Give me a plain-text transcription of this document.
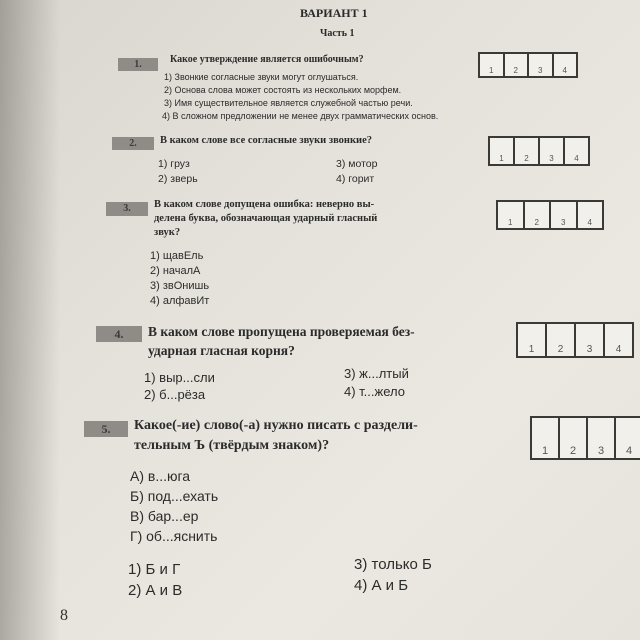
ВАРИАНТ 1
Часть 1
1.	Какое утверждение является ошибочным?
1) Звонкие согласные звуки могут оглушаться.
2) Основа слова может состоять из нескольких морфем.
3) Имя существительное является служебной частью речи.
4) В сложном предложении не менее двух грамматических основ.
1	2	3	4
2.	В каком слове все согласные звуки звонкие?
1) груз
2) зверь
3) мотор
4) горит
1	2	3	4
3.	В каком слове допущена ошибка: неверно вы-
делена буква, обозначающая ударный гласный
звук?
1) щавЕль
2) началА
3) звОнишь
4) алфавИт
1	2	3	4
4.	В каком слове пропущена проверяемая без-
ударная гласная корня?
1) выр...сли
2) б...рёза
3) ж...лтый
4) т...жело
1 2 3 4
5.	Какое(-ие) слово(-а) нужно писать с раздели-
тельным Ъ (твёрдым знаком)?
А) в...юга
Б) под...ехать
В) бар...ер
Г) об...яснить
1) Б и Г
2) А и В
3) только Б
4) А и Б
1 2 3 4
8
